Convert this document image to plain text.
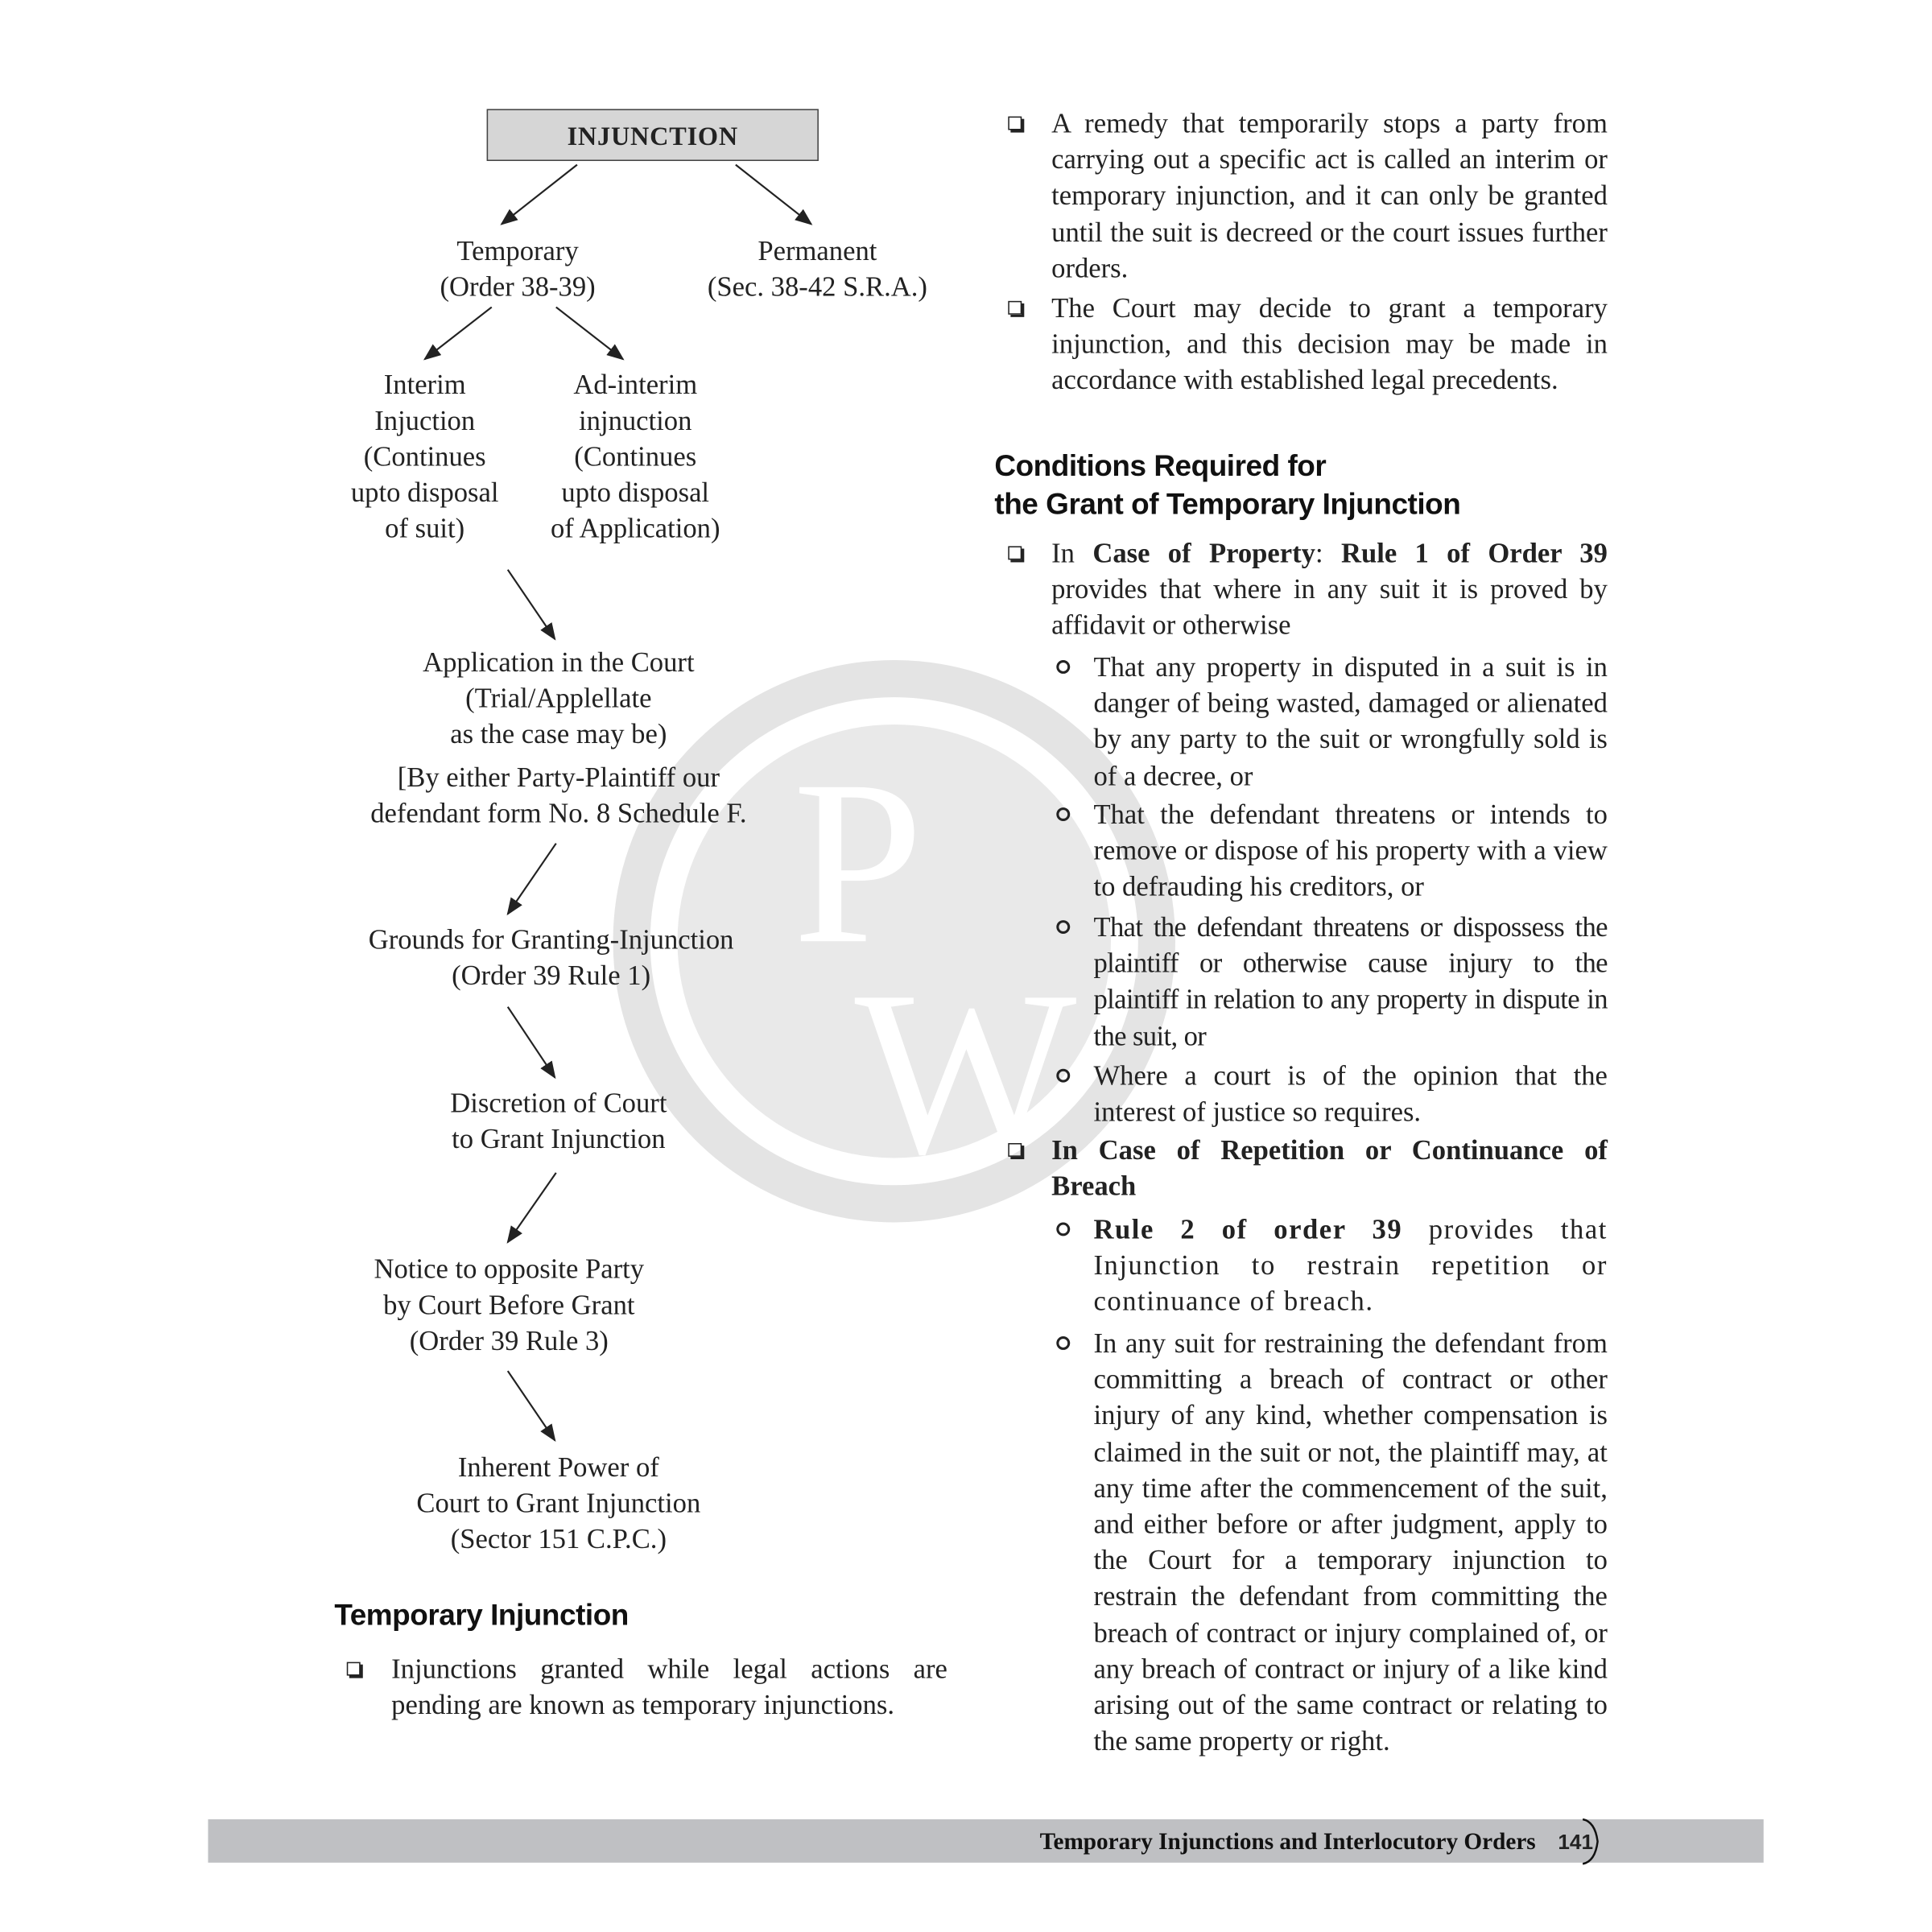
P
W
INJUNCTION
Temporary
(Order 38-39)
Permanent
(Sec. 38-42 S.R.A.)
Interim
Injuction
(Continues
upto disposal
of suit)
Ad-interim
injnuction
(Continues
upto disposal
of Application)
Application in the Court
(Trial/Applellate
as the case may be)
[By either Party-Plaintiff our
defendant form No. 8 Schedule F.
Grounds for Granting-Injunction
(Order 39 Rule 1)
Discretion of Court
to Grant Injunction
Notice to opposite Party
by Court Before Grant
(Order 39 Rule 3)
Inherent Power of
Court to Grant Injunction
(Sector 151 C.P.C.)
Temporary Injunction
Injunctions granted while legal actions are pending are known as temporary injunctions.
A remedy that temporarily stops a party from carrying out a specific act is called an interim or temporary injunction, and it can only be granted until the suit is decreed or the court issues further orders.
The Court may decide to grant a temporary injunction, and this decision may be made in accordance with established legal precedents.
Conditions Required for
the Grant of Temporary Injunction
In Case of Property: Rule 1 of Order 39 provides that where in any suit it is proved by affidavit or otherwise
That any property in disputed in a suit is in danger of being wasted, damaged or alienated by any party to the suit or wrongfully sold is of a decree, or
That the defendant threatens or intends to remove or dispose of his property with a view to defrauding his creditors, or
That the defendant threatens or dispossess the plaintiff or otherwise cause injury to the plaintiff in relation to any property in dispute in the suit, or
Where a court is of the opinion that the interest of justice so requires.
In Case of Repetition or Continuance of Breach
Rule 2 of order 39 provides that Injunction to restrain repetition or continuance of breach.
In any suit for restraining the defendant from committing a breach of contract or other injury of any kind, whether compensation is claimed in the suit or not, the plaintiff may, at any time after the commencement of the suit, and either before or after judgment, apply to the Court for a temporary injunction to restrain the defendant from committing the breach of contract or injury complained of, or any breach of contract or injury of a like kind arising out of the same contract or relating to the same property or right.
Temporary Injunctions and Interlocutory Orders 141
